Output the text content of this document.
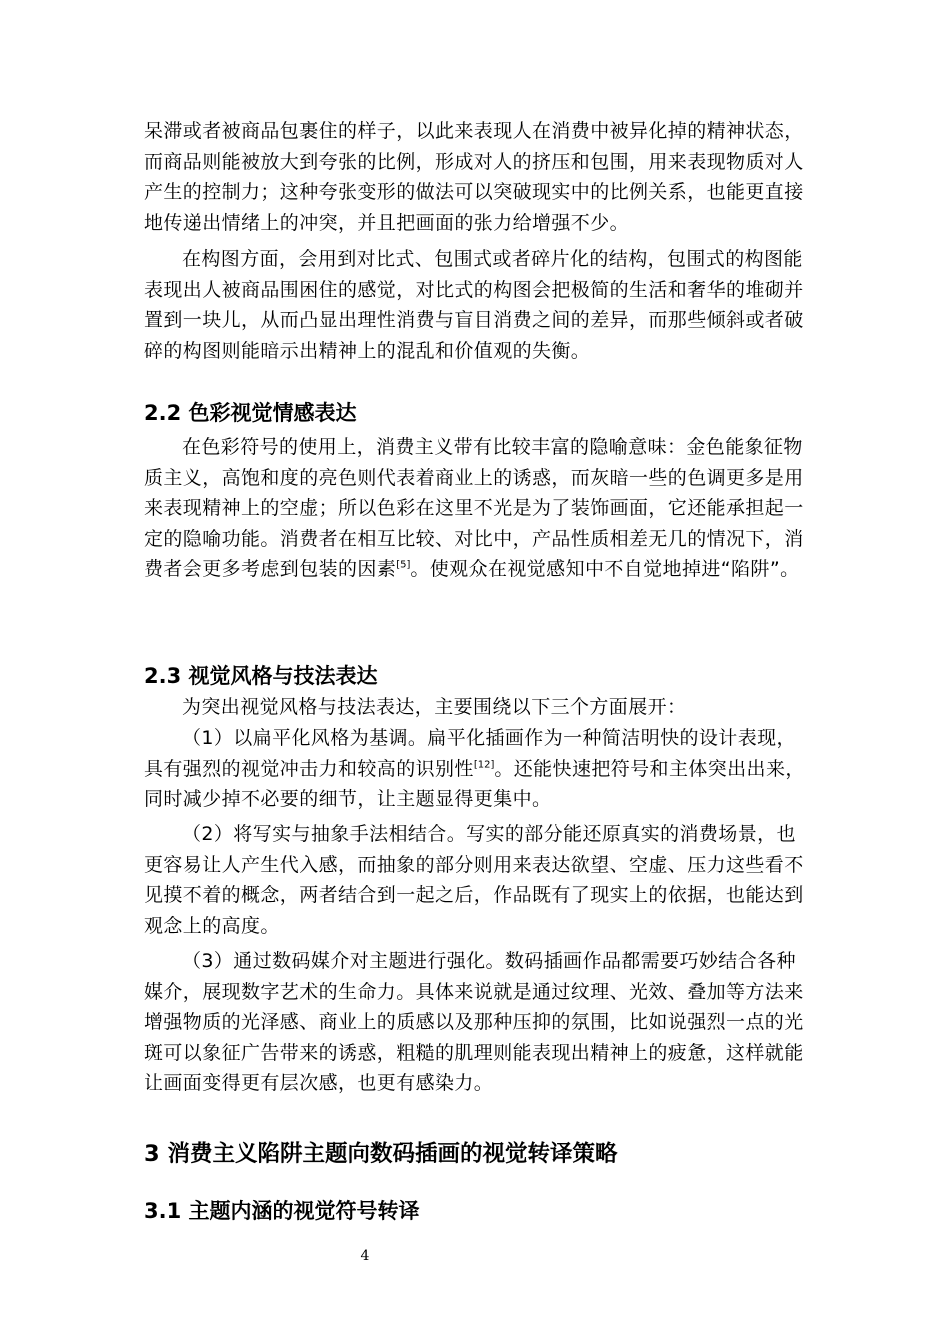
呆滞或者被商品包裹住的样子，以此来表现人在消费中被异化掉的精神状态，而商品则能被放大到夸张的比例，形成对人的挤压和包围，用来表现物质对人产生的控制力；这种夸张变形的做法可以突破现实中的比例关系，也能更直接地传递出情绪上的冲突，并且把画面的张力给增强不少。

在构图方面，会用到对比式、包围式或者碎片化的结构，包围式的构图能表现出人被商品围困住的感觉，对比式的构图会把极简的生活和奢华的堆砌并置到一块儿，从而凸显出理性消费与盲目消费之间的差异，而那些倾斜或者破碎的构图则能暗示出精神上的混乱和价值观的失衡。

2.2 色彩视觉情感表达

在色彩符号的使用上，消费主义带有比较丰富的隐喻意味：金色能象征物质主义，高饱和度的亮色则代表着商业上的诱惑，而灰暗一些的色调更多是用来表现精神上的空虚；所以色彩在这里不光是为了装饰画面，它还能承担起一定的隐喻功能。消费者在相互比较、对比中，产品性质相差无几的情况下，消费者会更多考虑到包装的因素[5]。使观众在视觉感知中不自觉地掉进“陷阱”。

2.3 视觉风格与技法表达

为突出视觉风格与技法表达，主要围绕以下三个方面展开：

（1）以扁平化风格为基调。扁平化插画作为一种简洁明快的设计表现，具有强烈的视觉冲击力和较高的识别性[12]。还能快速把符号和主体突出出来，同时减少掉不必要的细节，让主题显得更集中。

（2）将写实与抽象手法相结合。写实的部分能还原真实的消费场景，也更容易让人产生代入感，而抽象的部分则用来表达欲望、空虚、压力这些看不见摸不着的概念，两者结合到一起之后，作品既有了现实上的依据，也能达到观念上的高度。

（3）通过数码媒介对主题进行强化。数码插画作品都需要巧妙结合各种媒介，展现数字艺术的生命力。具体来说就是通过纹理、光效、叠加等方法来增强物质的光泽感、商业上的质感以及那种压抑的氛围，比如说强烈一点的光斑可以象征广告带来的诱惑，粗糙的肌理则能表现出精神上的疲惫，这样就能让画面变得更有层次感，也更有感染力。

3 消费主义陷阱主题向数码插画的视觉转译策略
3.1 主题内涵的视觉符号转译
4
